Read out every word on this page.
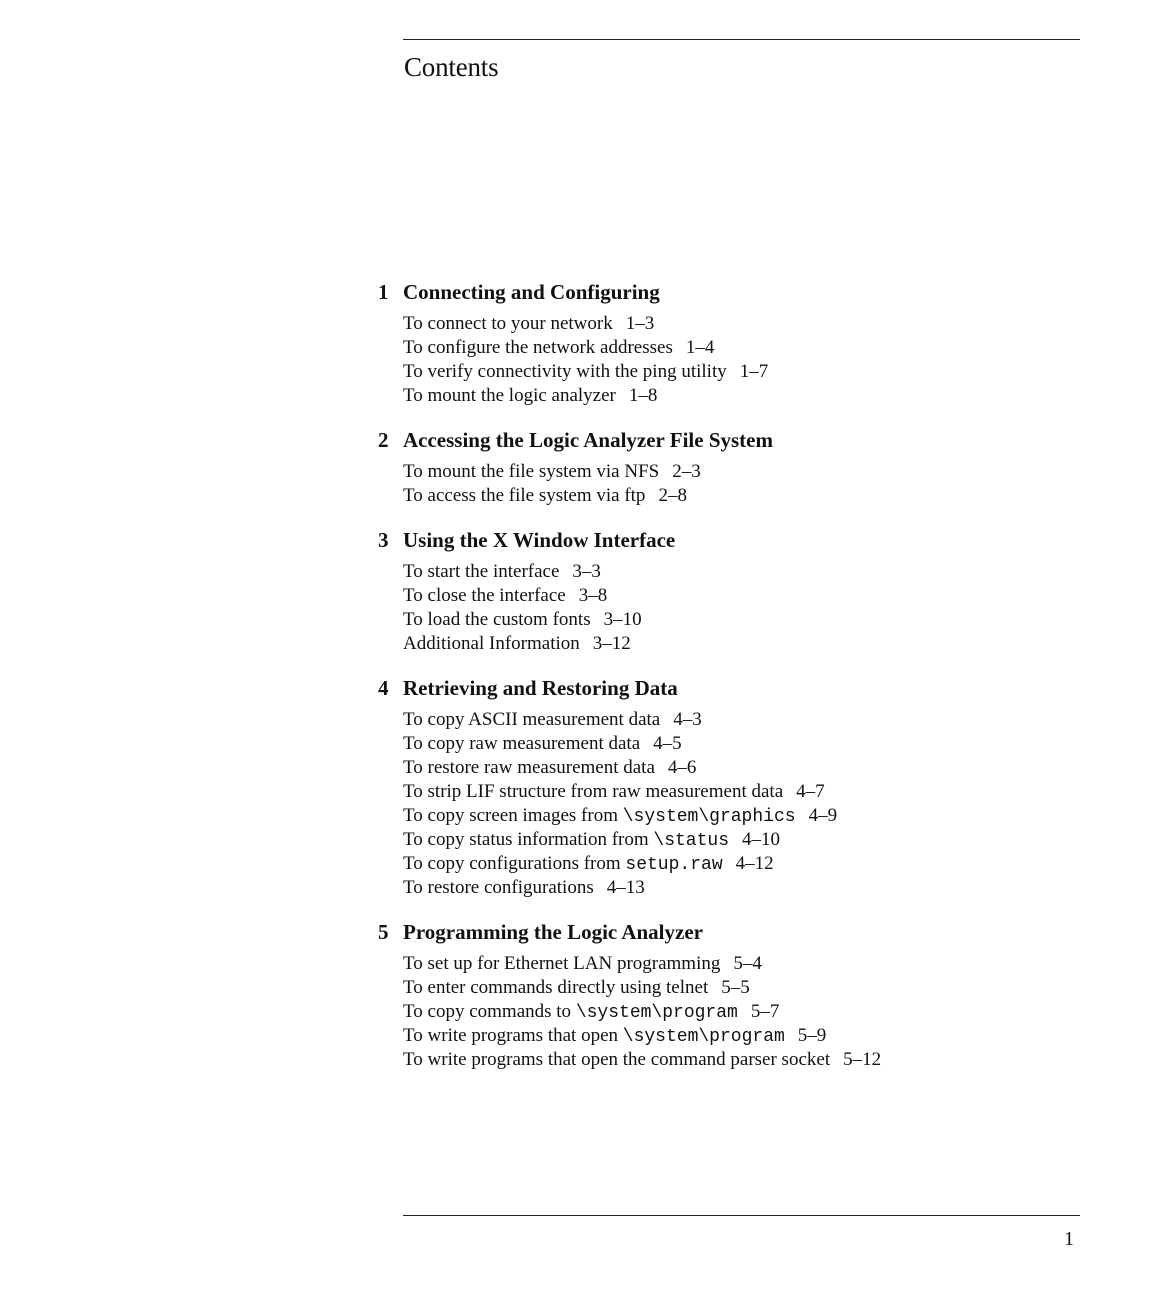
Contents
1 Connecting and Configuring
To connect to your network 1–3
To configure the network addresses 1–4
To verify connectivity with the ping utility 1–7
To mount the logic analyzer 1–8
2 Accessing the Logic Analyzer File System
To mount the file system via NFS 2–3
To access the file system via ftp 2–8
3 Using the X Window Interface
To start the interface 3–3
To close the interface 3–8
To load the custom fonts 3–10
Additional Information 3–12
4 Retrieving and Restoring Data
To copy ASCII measurement data 4–3
To copy raw measurement data 4–5
To restore raw measurement data 4–6
To strip LIF structure from raw measurement data 4–7
To copy screen images from \system\graphics 4–9
To copy status information from \status 4–10
To copy configurations from setup.raw 4–12
To restore configurations 4–13
5 Programming the Logic Analyzer
To set up for Ethernet LAN programming 5–4
To enter commands directly using telnet 5–5
To copy commands to \system\program 5–7
To write programs that open \system\program 5–9
To write programs that open the command parser socket 5–12
1
